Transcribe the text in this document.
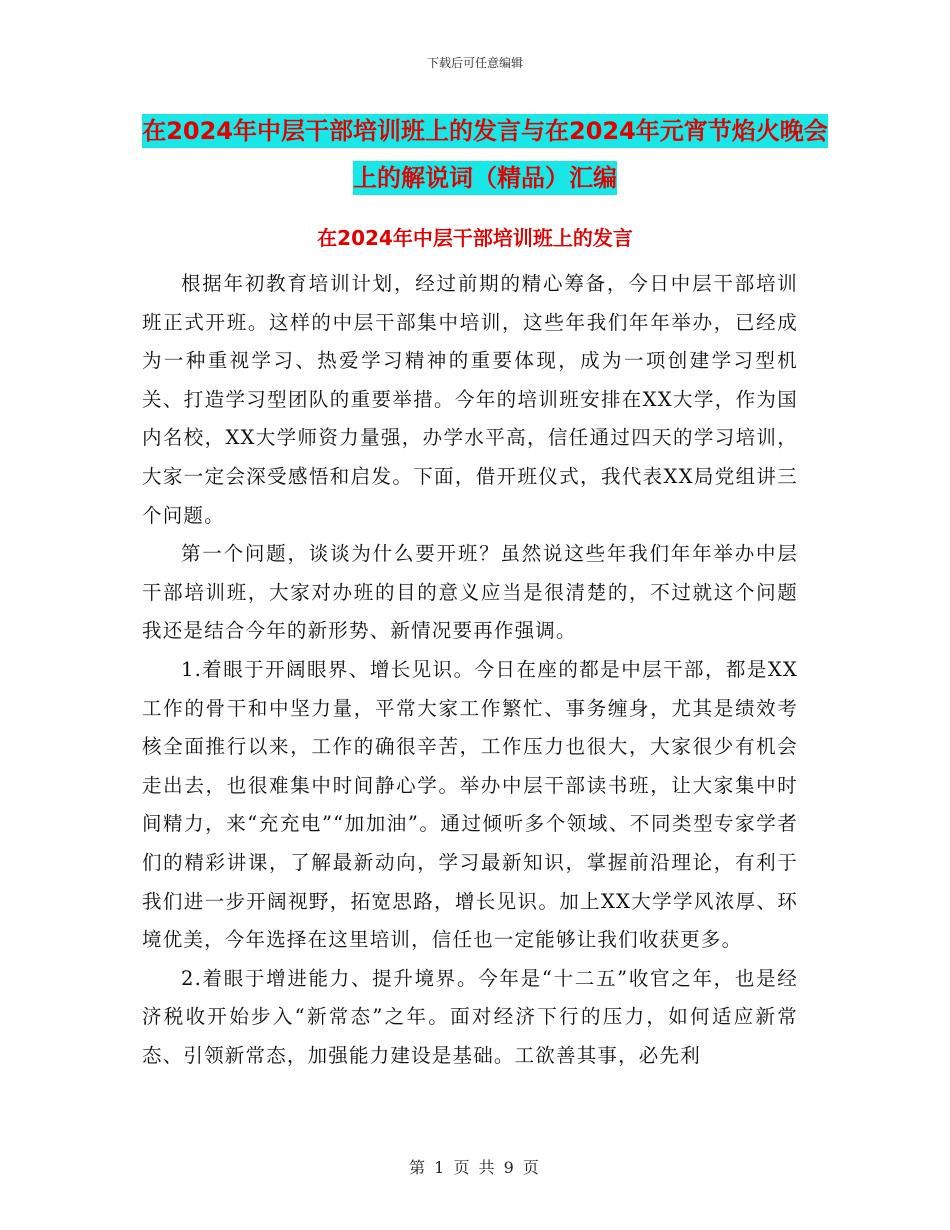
下载后可任意编辑
在2024年中层干部培训班上的发言与在2024年元宵节焰火晚会上的解说词（精品）汇编
在2024年中层干部培训班上的发言

根据年初教育培训计划，经过前期的精心筹备，今日中层干部培训班正式开班。这样的中层干部集中培训，这些年我们年年举办，已经成为一种重视学习、热爱学习精神的重要体现，成为一项创建学习型机关、打造学习型团队的重要举措。今年的培训班安排在XX大学，作为国内名校，XX大学师资力量强，办学水平高，信任通过四天的学习培训，大家一定会深受感悟和启发。下面，借开班仪式，我代表XX局党组讲三个问题。

第一个问题，谈谈为什么要开班？虽然说这些年我们年年举办中层干部培训班，大家对办班的目的意义应当是很清楚的，不过就这个问题我还是结合今年的新形势、新情况要再作强调。

1.着眼于开阔眼界、增长见识。今日在座的都是中层干部，都是XX工作的骨干和中坚力量，平常大家工作繁忙、事务缠身，尤其是绩效考核全面推行以来，工作的确很辛苦，工作压力也很大，大家很少有机会走出去，也很难集中时间静心学。举办中层干部读书班，让大家集中时间精力，来“充充电”“加加油”。通过倾听多个领域、不同类型专家学者们的精彩讲课，了解最新动向，学习最新知识，掌握前沿理论，有利于我们进一步开阔视野，拓宽思路，增长见识。加上XX大学学风浓厚、环境优美，今年选择在这里培训，信任也一定能够让我们收获更多。

2.着眼于增进能力、提升境界。今年是“十二五”收官之年，也是经济税收开始步入“新常态”之年。面对经济下行的压力，如何适应新常态、引领新常态，加强能力建设是基础。工欲善其事，必先利

第 1 页 共 9 页
